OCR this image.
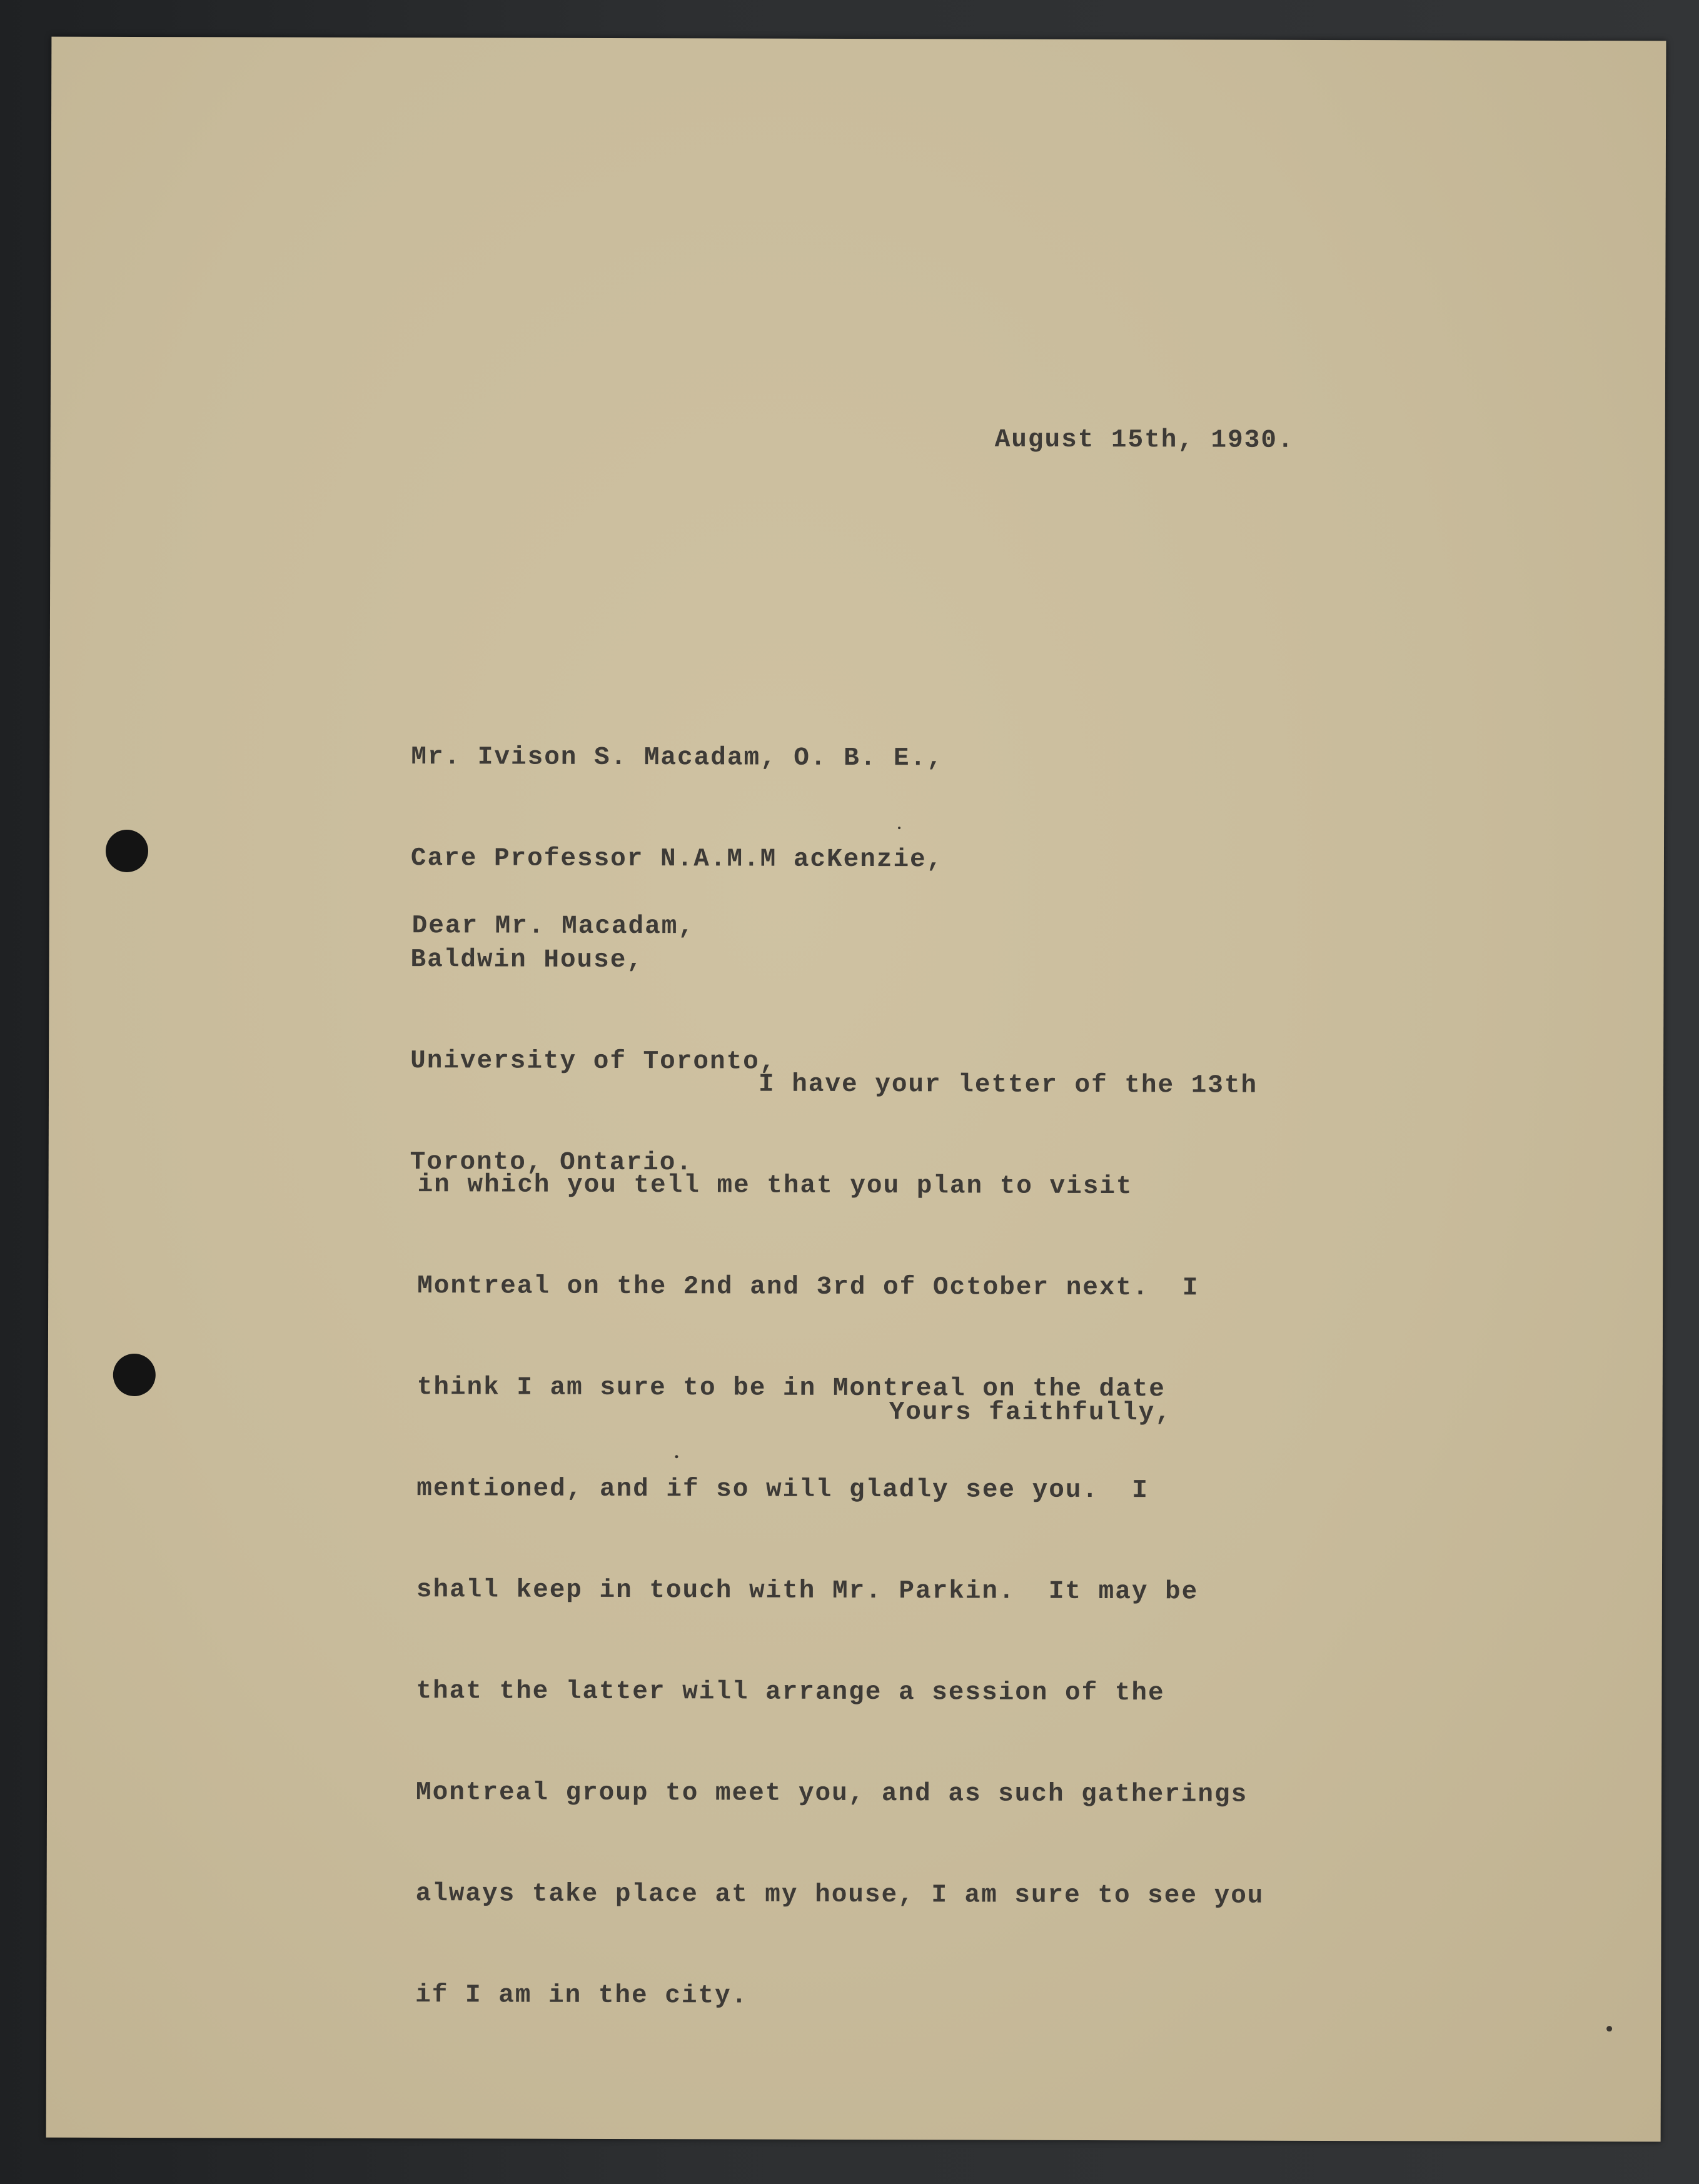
August 15th, 1930.

Mr. Ivison S. Macadam, O. B. E.,

Care Professor N.A.M.M acKenzie,

Baldwin House,

University of Toronto,

Toronto, Ontario.

Dear Mr. Macadam,

I have your letter of the 13th

in which you tell me that you plan to visit

Montreal on the 2nd and 3rd of October next.  I

think I am sure to be in Montreal on the date

mentioned, and if so will gladly see you.  I

shall keep in touch with Mr. Parkin.  It may be

that the latter will arrange a session of the

Montreal group to meet you, and as such gatherings

always take place at my house, I am sure to see you

if I am in the city.

Yours faithfully,
